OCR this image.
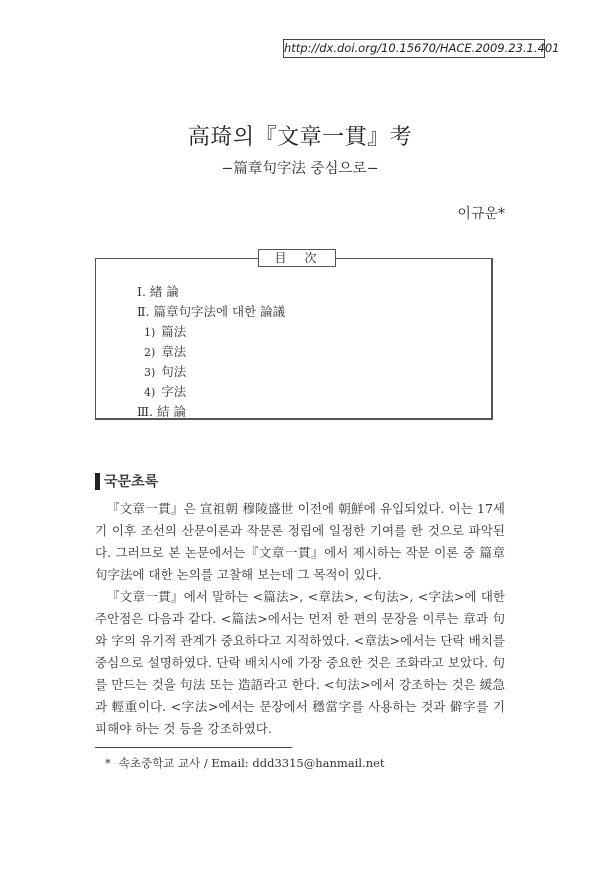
http://dx.doi.org/10.15670/HACE.2009.23.1.401
高琦의『文章一貫』考
−篇章句字法 중심으로−
이규운*
目　次
Ⅰ. 緖 論
Ⅱ. 篇章句字法에 대한 論議
1) 篇法
2) 章法
3) 句法
4) 字法
Ⅲ. 結 論
국문초록

『文章一貫』은 宣祖朝 穆陵盛世 이전에 朝鮮에 유입되었다. 이는 17세기 이후 조선의 산문이론과 작문론 정립에 일정한 기여를 한 것으로 파악된다. 그러므로 본 논문에서는『文章一貫』에서 제시하는 작문 이론 중 篇章句字法에 대한 논의를 고찰해 보는데 그 목적이 있다.

『文章一貫』에서 말하는 <篇法>, <章法>, <句法>, <字法>에 대한 주안점은 다음과 같다. <篇法>에서는 먼저 한 편의 문장을 이루는 章과 句와 字의 유기적 관계가 중요하다고 지적하였다. <章法>에서는 단락 배치를 중심으로 설명하였다. 단락 배치시에 가장 중요한 것은 조화라고 보았다. 句를 만드는 것을 句法 또는 造語라고 한다. <句法>에서 강조하는 것은 緩急과 輕重이다. <字法>에서는 문장에서 穩當字를 사용하는 것과 僻字를 기피해야 하는 것 등을 강조하였다.

* 속초중학교 교사 / Email: ddd3315@hanmail.net
